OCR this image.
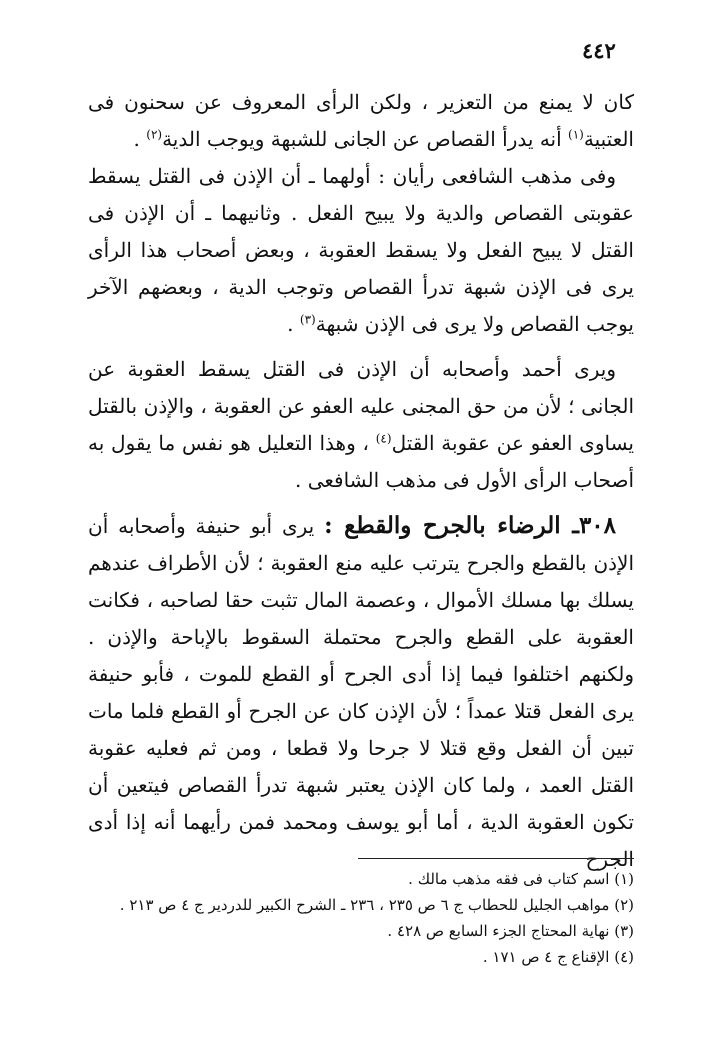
٤٤٢

كان لا يمنع من التعزير ، ولكن الرأى المعروف عن سحنون فى العتبية$^{(١)}$ أنه يدرأ القصاص عن الجانى للشبهة ويوجب الدية$^{(٢)}$ .

وفى مذهب الشافعى رأيان : أولهما ـ أن الإذن فى القتل يسقط عقوبتى القصاص والدية ولا يبيح الفعل . وثانيهما ـ أن الإذن فى القتل لا يبيح الفعل ولا يسقط العقوبة ، وبعض أصحاب هذا الرأى يرى فى الإذن شبهة تدرأ القصاص وتوجب الدية ، وبعضهم الآخر يوجب القصاص ولا يرى فى الإذن شبهة$^{(٣)}$ .

ويرى أحمد وأصحابه أن الإذن فى القتل يسقط العقوبة عن الجانى ؛ لأن من حق المجنى عليه العفو عن العقوبة ، والإذن بالقتل يساوى العفو عن عقوبة القتل$^{(٤)}$ ، وهذا التعليل هو نفس ما يقول به أصحاب الرأى الأول فى مذهب الشافعى .

٣٠٨ـ الرضاء بالجرح والقطع : يرى أبو حنيفة وأصحابه أن الإذن بالقطع والجرح يترتب عليه منع العقوبة ؛ لأن الأطراف عندهم يسلك بها مسلك الأموال ، وعصمة المال تثبت حقا لصاحبه ، فكانت العقوبة على القطع والجرح محتملة السقوط بالإباحة والإذن . ولكنهم اختلفوا فيما إذا أدى الجرح أو القطع للموت ، فأبو حنيفة يرى الفعل قتلا عمداً ؛ لأن الإذن كان عن الجرح أو القطع فلما مات تبين أن الفعل وقع قتلا لا جرحا ولا قطعا ، ومن ثم فعليه عقوبة القتل العمد ، ولما كان الإذن يعتبر شبهة تدرأ القصاص فيتعين أن تكون العقوبة الدية ، أما أبو يوسف ومحمد فمن رأيهما أنه إذا أدى الجرح

(١) اسم كتاب فى فقه مذهب مالك .

(٢) مواهب الجليل للحطاب ج ٦ ص ٢٣٥ ، ٢٣٦ ـ الشرح الكبير للدردير ج ٤ ص ٢١٣ .

(٣) نهاية المحتاج الجزء السابع ص ٤٢٨ .

(٤) الإقناع ج ٤ ص ١٧١ .
